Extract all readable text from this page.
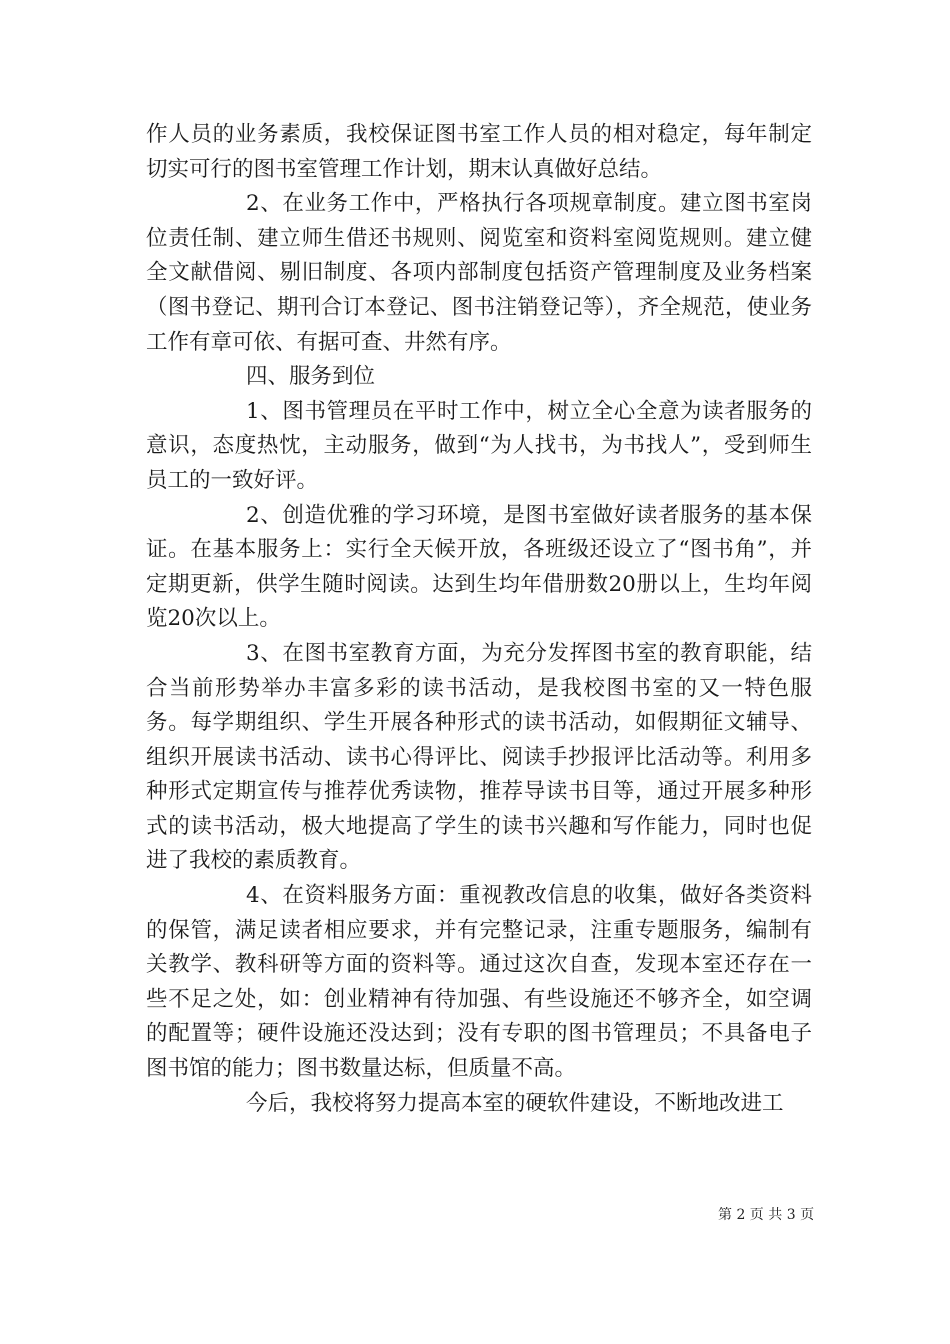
作人员的业务素质，我校保证图书室工作人员的相对稳定，每年制定切实可行的图书室管理工作计划，期末认真做好总结。

2、在业务工作中，严格执行各项规章制度。建立图书室岗位责任制、建立师生借还书规则、阅览室和资料室阅览规则。建立健全文献借阅、剔旧制度、各项内部制度包括资产管理制度及业务档案（图书登记、期刊合订本登记、图书注销登记等），齐全规范，使业务工作有章可依、有据可查、井然有序。

四、服务到位

1、图书管理员在平时工作中，树立全心全意为读者服务的意识，态度热忱，主动服务，做到“为人找书，为书找人”，受到师生员工的一致好评。

2、创造优雅的学习环境，是图书室做好读者服务的基本保证。在基本服务上：实行全天候开放，各班级还设立了“图书角”，并定期更新，供学生随时阅读。达到生均年借册数20册以上，生均年阅览20次以上。

3、在图书室教育方面，为充分发挥图书室的教育职能，结合当前形势举办丰富多彩的读书活动，是我校图书室的又一特色服务。每学期组织、学生开展各种形式的读书活动，如假期征文辅导、组织开展读书活动、读书心得评比、阅读手抄报评比活动等。利用多种形式定期宣传与推荐优秀读物，推荐导读书目等，通过开展多种形式的读书活动，极大地提高了学生的读书兴趣和写作能力，同时也促进了我校的素质教育。

4、在资料服务方面：重视教改信息的收集，做好各类资料的保管，满足读者相应要求，并有完整记录，注重专题服务，编制有关教学、教科研等方面的资料等。通过这次自查，发现本室还存在一些不足之处，如：创业精神有待加强、有些设施还不够齐全，如空调的配置等；硬件设施还没达到；没有专职的图书管理员；不具备电子图书馆的能力；图书数量达标，但质量不高。

今后，我校将努力提高本室的硬软件建设，不断地改进工

第 2 页 共 3 页
